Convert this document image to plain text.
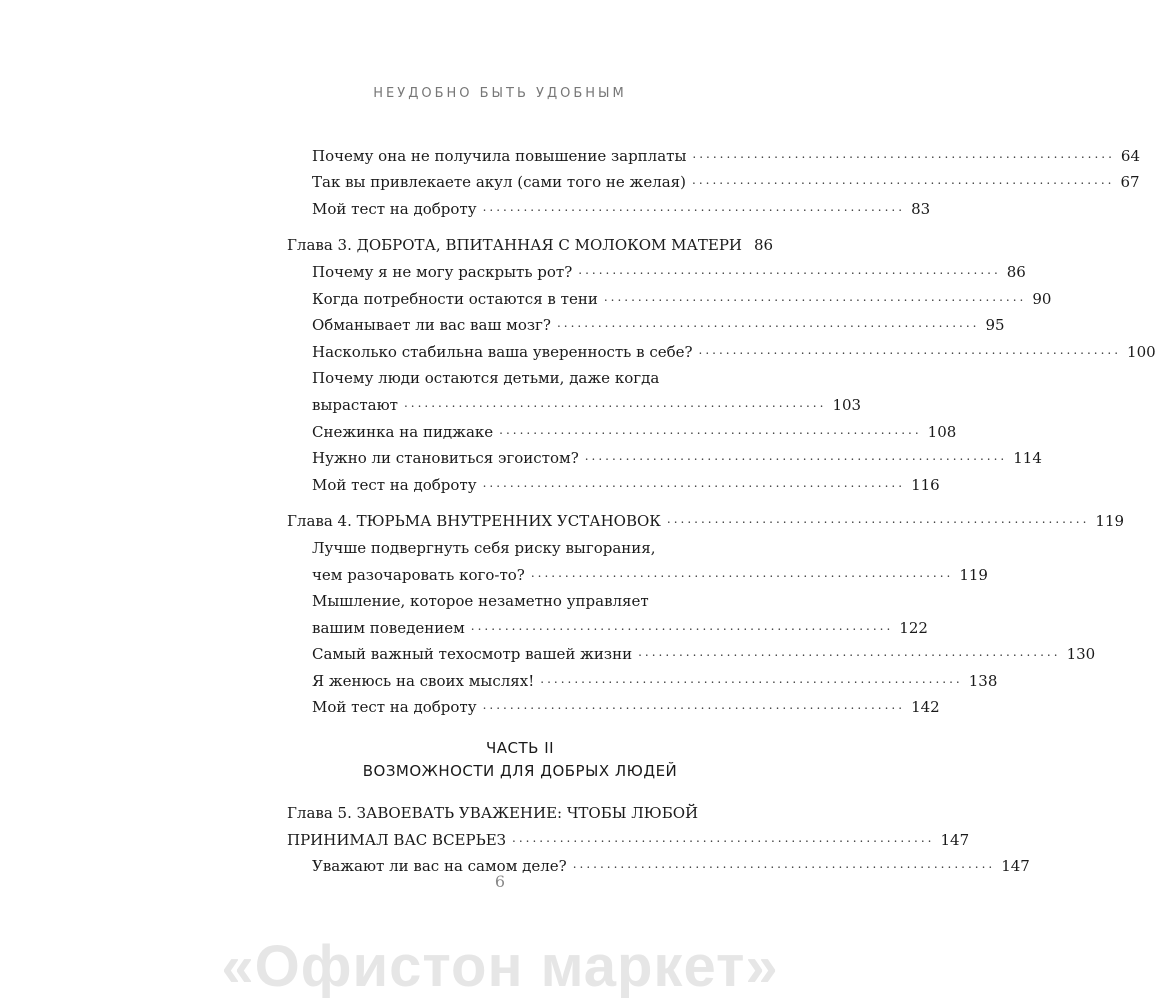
НЕУДОБНО БЫТЬ УДОБНЫМ
Почему она не получила повышение зарплаты .............................................................. 64
Так вы привлекаете акул (сами того не желая) .............................................................. 67
Мой тест на доброту .............................................................. 83
Глава 3. ДОБРОТА, ВПИТАННАЯ С МОЛОКОМ МАТЕРИ 86
Почему я не могу раскрыть рот? .............................................................. 86
Когда потребности остаются в тени .............................................................. 90
Обманывает ли вас ваш мозг? .............................................................. 95
Насколько стабильна ваша уверенность в себе? .............................................................. 100
Почему люди остаются детьми, даже когда
вырастают .............................................................. 103
Снежинка на пиджаке .............................................................. 108
Нужно ли становиться эгоистом? .............................................................. 114
Мой тест на доброту .............................................................. 116
Глава 4. ТЮРЬМА ВНУТРЕННИХ УСТАНОВОК .............................................................. 119
Лучше подвергнуть себя риску выгорания,
чем разочаровать кого-то? .............................................................. 119
Мышление, которое незаметно управляет
вашим поведением .............................................................. 122
Самый важный техосмотр вашей жизни .............................................................. 130
Я женюсь на своих мыслях! .............................................................. 138
Мой тест на доброту .............................................................. 142
ЧАСТЬ II
ВОЗМОЖНОСТИ ДЛЯ ДОБРЫХ ЛЮДЕЙ
Глава 5. ЗАВОЕВАТЬ УВАЖЕНИЕ: ЧТОБЫ ЛЮБОЙ
ПРИНИМАЛ ВАС ВСЕРЬЕЗ .............................................................. 147
Уважают ли вас на самом деле? .............................................................. 147
6
«Офистон маркет»
